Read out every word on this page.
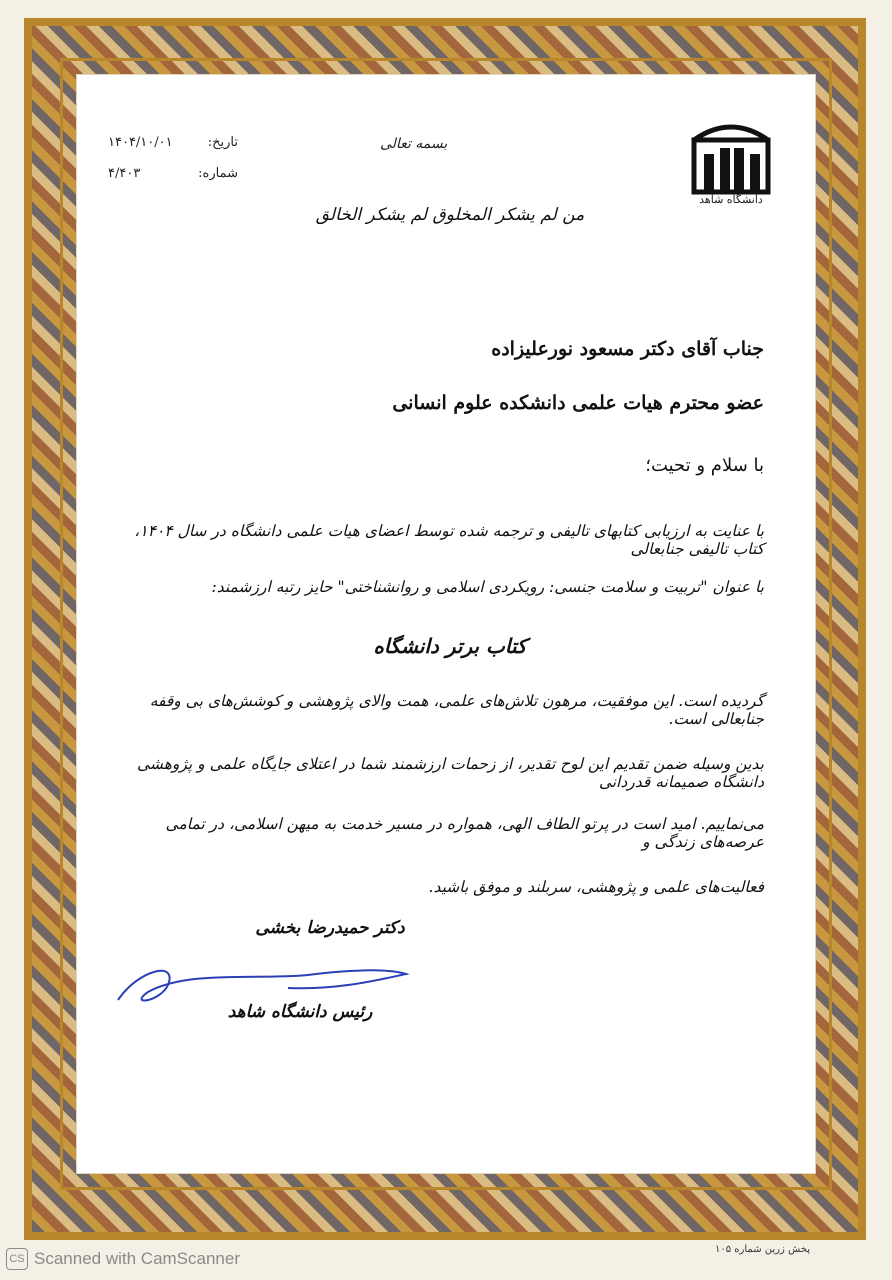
دانشگاه شاهد
بسمه تعالی
تاریخ:
۱۴۰۴/۱۰/۰۱
شماره:
۴/۴۰۳
من لم یشکر المخلوق لم یشکر الخالق
جناب آقای دکتر مسعود نورعلیزاده
عضو محترم هیات علمی دانشکده علوم انسانی
با سلام و تحیت؛
با عنایت به ارزیابی کتابهای تالیفی و ترجمه شده توسط اعضای هیات علمی دانشگاه در سال ۱۴۰۴، کتاب تالیفی جنابعالی
با عنوان "تربیت و سلامت جنسی: رویکردی اسلامی و روانشناختی" حایز رتبه ارزشمند:
کتاب برتر دانشگاه
گردیده است. این موفقیت، مرهون تلاش‌های علمی، همت والای پژوهشی و کوشش‌های بی وقفه جنابعالی است.
بدین وسیله ضمن تقدیم این لوح تقدیر، از زحمات ارزشمند شما در اعتلای جایگاه علمی و پژوهشی دانشگاه صمیمانه قدردانی
می‌نماییم. امید است در پرتو الطاف الهی، همواره در مسیر خدمت به میهن اسلامی، در تمامی عرصه‌های زندگی و
فعالیت‌های علمی و پژوهشی، سربلند و موفق باشید.
دکتر حمیدرضا بخشی
رئیس دانشگاه شاهد
پخش زرین شماره ۱۰۵
CS Scanned with CamScanner
